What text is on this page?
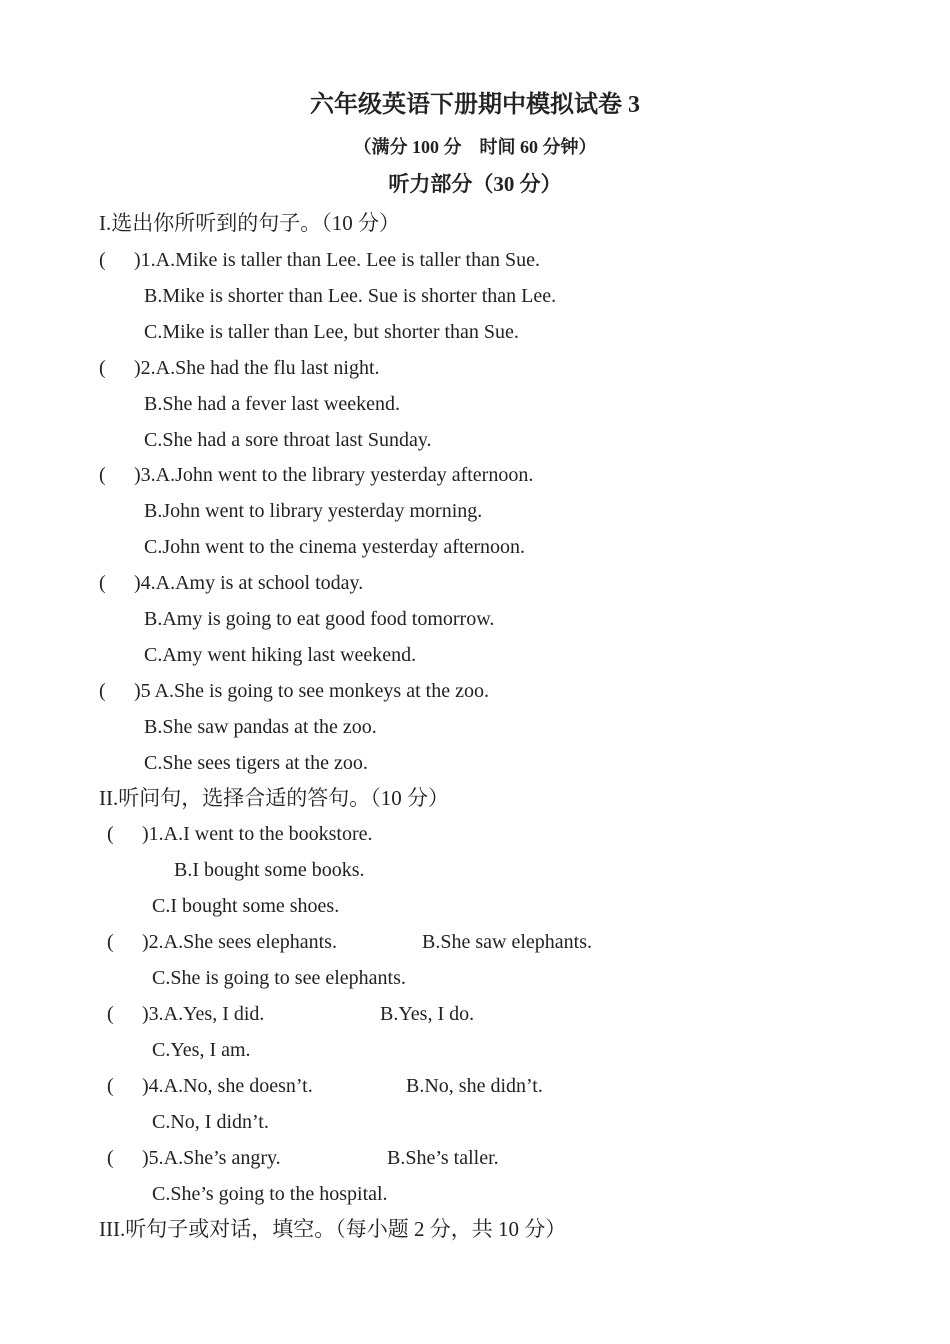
六年级英语下册期中模拟试卷 3
（满分 100 分　时间 60 分钟）
听力部分（30 分）
I.选出你所听到的句子。（10 分）
( )1.A.Mike is taller than Lee. Lee is taller than Sue.
B.Mike is shorter than Lee. Sue is shorter than Lee.
C.Mike is taller than Lee, but shorter than Sue.
( )2.A.She had the flu last night.
B.She had a fever last weekend.
C.She had a sore throat last Sunday.
( )3.A.John went to the library yesterday afternoon.
B.John went to library yesterday morning.
C.John went to the cinema yesterday afternoon.
( )4.A.Amy is at school today.
B.Amy is going to eat good food tomorrow.
C.Amy went hiking last weekend.
( )5 A.She is going to see monkeys at the zoo.
B.She saw pandas at the zoo.
C.She sees tigers at the zoo.
II.听问句，选择合适的答句。（10 分）
( )1.A.I went to the bookstore.
B.I bought some books.
C.I bought some shoes.
( )2.A.She sees elephants.	B.She saw elephants.
C.She is going to see elephants.
( )3.A.Yes, I did.	B.Yes, I do.
C.Yes, I am.
( )4.A.No, she doesn’t.	B.No, she didn’t.
C.No, I didn’t.
( )5.A.She’s angry.	B.She’s taller.
C.She’s going to the hospital.
III.听句子或对话，填空。（每小题 2 分，共 10 分）
